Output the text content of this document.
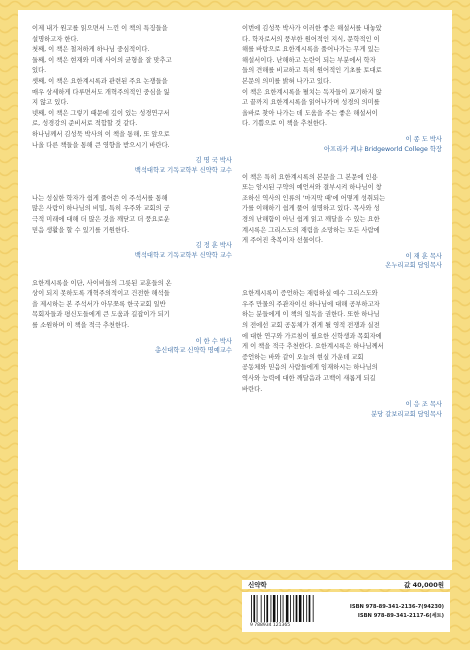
이제 내가 원고를 읽으면서 느낀 이 책의 특징들을

설명하고자 한다.

첫째, 이 책은 철저하게 하나님 중심적이다.

둘째, 이 책은 현재와 미래 사이의 균형을 잘 맞추고

있다.

셋째, 이 책은 요한계시록과 관련된 주요 논쟁들을

매우 상세하게 다루면서도 개혁주의적인 중심을 잃

지 않고 있다.

넷째, 이 책은 그렇기 때문에 깊이 있는 성경연구서

로, 성경강의 준비서로 적합할 것 같다.

하나님께서 김성묵 박사의 이 책을 통해, 또 앞으로

나올 다른 책들을 통해 큰 영향을 받으시기 바란다.

김 명 국 박사
백석대학교 기독교학부 신약학 교수

나는 성실한 학자가 쉽게 풀어쓴 이 주석서를 통해

많은 사람이 하나님의 비밀, 특히 우주와 교회의 궁

극적 미래에 대해 더 많은 것을 깨닫고 더 풍요로운

믿음 생활을 할 수 있기를 기원한다.

김 정 훈 박사
백석대학교 기독교학부 신약학 교수

요한계시록을 이단, 사이비들의 그릇된 교훈들의 온

상이 되지 못하도록 개혁주의적이고 건전한 해석들

을 제시하는 본 주석서가 아무쪼록 한국교회 일반

목회자들과 평신도들에게 큰 도움과 길잡이가 되기

를 소원하며 이 책을 적극 추천한다.

이 한 수 박사
총신대학교 신약학 명예교수

이번에 김성묵 박사가 이러한 좋은 해설서를 내놓았

다. 학자로서의 풍부한 원어적인 지식, 문학적인 이

해를 바탕으로 요한계시록을 풀어나가는 무게 있는

해설서이다. 난해하고 논란이 되는 부분에서 학자

들의 견해를 비교하고 특히 원어적인 기초를 토대로

본문의 의미를 밝혀 나가고 있다.

이 책은 요한계시록을 펼치는 독자들이 포기하지 않

고 끝까지 요한계시록을 읽어나가며 성경의 의미를

올바로 찾아 나가는 데 도움을 주는 좋은 해설서이

다. 기쁨으로 이 책을 추천한다.

이 종 도 박사
아프리카 케냐 Bridgeworld College 학장

이 책은 특히 요한계시록의 본문을 그 본문에 인용

또는 암시된 구약의 예언서와 결부시켜 하나님이 창

조하신 역사의 인류의 '마지막 때'에 어떻게 성취되는

가를 이해하기 쉽게 풀어 설명하고 있다. 목사와 성

경의 난해함이 아닌 쉽게 읽고 깨달을 수 있는 요한

계시록은 그리스도의 재림을 소망하는 모든 사람에

게 주어진 축복이자 선물이다.

이 재 훈 목사
온누리교회 담임목사

요한계시록이 증언하는 재림하실 예수 그리스도와

우주 만물의 주관자이신 하나님에 대해 공부하고자

하는 분들에게 이 책의 일독을 권한다. 또한 하나님

의 전에선 교회 공동체가 겪게 될 영적 전쟁과 실전

에 대한 연구와 가르침이 필요한 신학생과 목회자에

게 이 책을 적극 추천한다. 요한계시록은 하나님께서

증언하는 바와 같이 오늘의 현실 가운데 교회

공동체와 믿음의 사람들에게 임재하시는 하나님의

역사와 능력에 대한 깨달음과 고백이 새롭게 되길

바란다.

이 응 조 목사
분당 갈보리교회 담임목사
신약학	값 40,000원
9 788934 121365
ISBN 978-89-341-2136-7(94230)
ISBN 978-89-341-2117-6(세트)
